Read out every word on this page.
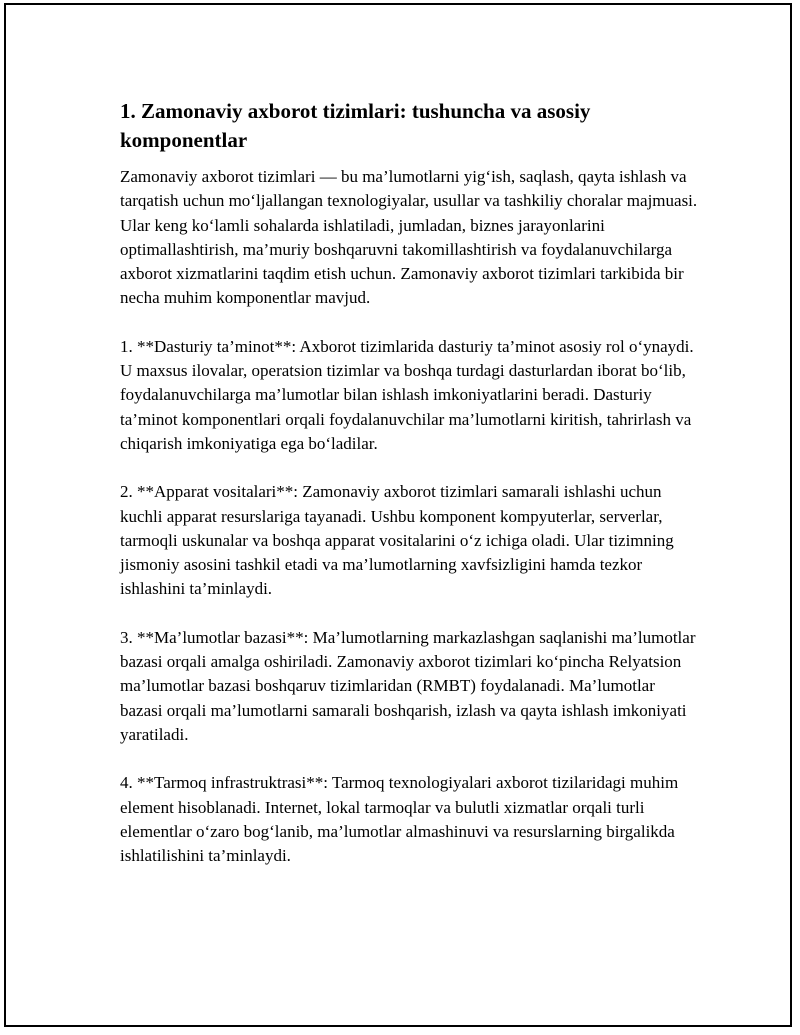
1. Zamonaviy axborot tizimlari: tushuncha va asosiy komponentlar

Zamonaviy axborot tizimlari — bu ma’lumotlarni yig‘ish, saqlash, qayta ishlash va tarqatish uchun mo‘ljallangan texnologiyalar, usullar va tashkiliy choralar majmuasi. Ular keng ko‘lamli sohalarda ishlatiladi, jumladan, biznes jarayonlarini optimallashtirish, ma’muriy boshqaruvni takomillashtirish va foydalanuvchilarga axborot xizmatlarini taqdim etish uchun. Zamonaviy axborot tizimlari tarkibida bir necha muhim komponentlar mavjud.

1. **Dasturiy ta’minot**: Axborot tizimlarida dasturiy ta’minot asosiy rol o‘ynaydi. U maxsus ilovalar, operatsion tizimlar va boshqa turdagi dasturlardan iborat bo‘lib, foydalanuvchilarga ma’lumotlar bilan ishlash imkoniyatlarini beradi. Dasturiy ta’minot komponentlari orqali foydalanuvchilar ma’lumotlarni kiritish, tahrirlash va chiqarish imkoniyatiga ega bo‘ladilar.

2. **Apparat vositalari**: Zamonaviy axborot tizimlari samarali ishlashi uchun kuchli apparat resurslariga tayanadi. Ushbu komponent kompyuterlar, serverlar, tarmoqli uskunalar va boshqa apparat vositalarini o‘z ichiga oladi. Ular tizimning jismoniy asosini tashkil etadi va ma’lumotlarning xavfsizligini hamda tezkor ishlashini ta’minlaydi.

3. **Ma’lumotlar bazasi**: Ma’lumotlarning markazlashgan saqlanishi ma’lumotlar bazasi orqali amalga oshiriladi. Zamonaviy axborot tizimlari ko‘pincha Relyatsion ma’lumotlar bazasi boshqaruv tizimlaridan (RMBT) foydalanadi. Ma’lumotlar bazasi orqali ma’lumotlarni samarali boshqarish, izlash va qayta ishlash imkoniyati yaratiladi.

4. **Tarmoq infrastruktrasi**: Tarmoq texnologiyalari axborot tizilaridagi muhim element hisoblanadi. Internet, lokal tarmoqlar va bulutli xizmatlar orqali turli elementlar o‘zaro bog‘lanib, ma’lumotlar almashinuvi va resurslarning birgalikda ishlatilishini ta’minlaydi.
